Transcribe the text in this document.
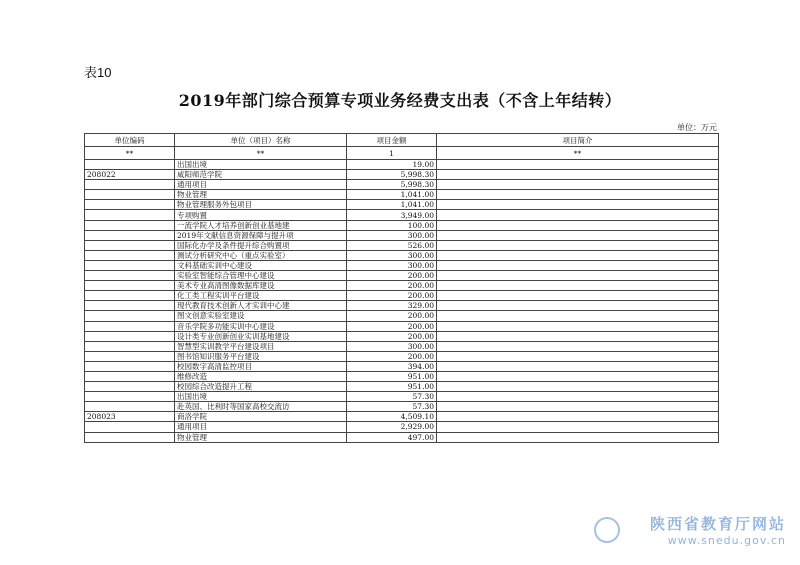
表10
2019年部门综合预算专项业务经费支出表（不含上年结转）
单位：万元
单位编码	单位（项目）名称	项目金额	项目简介
**	**	1	**
	出国出境	19.00	
208022	咸阳师范学院	5,998.30	
	通用项目	5,998.30	
	物业管理	1,041.00	
	物业管理服务外包项目	1,041.00	
	专项购置	3,949.00	
	一流学院人才培养创新创业基地建	100.00	
	2019年文献信息资源保障与提升项	300.00	
	国际化办学及条件提升综合购置项	526.00	
	测试分析研究中心（重点实验室）	300.00	
	文科基础实训中心建设	300.00	
	实验室智能综合管理中心建设	200.00	
	美术专业高清图像数据库建设	200.00	
	化工类工程实训平台建设	200.00	
	现代教育技术创新人才实训中心建	329.00	
	图文创意实验室建设	200.00	
	音乐学院多功能实训中心建设	200.00	
	设计类专业创新创业实训基地建设	200.00	
	智慧型实训教学平台建设项目	300.00	
	图书馆知识服务平台建设	200.00	
	校园数字高清监控项目	394.00	
	维修改造	951.00	
	校园综合改造提升工程	951.00	
	出国出境	57.30	
	赴英国、比利时等国家高校交流访	57.30	
208023	商洛学院	4,509.10	
	通用项目	2,929.00	
	物业管理	497.00	
陕西省教育厅网站
www.snedu.gov.cn
